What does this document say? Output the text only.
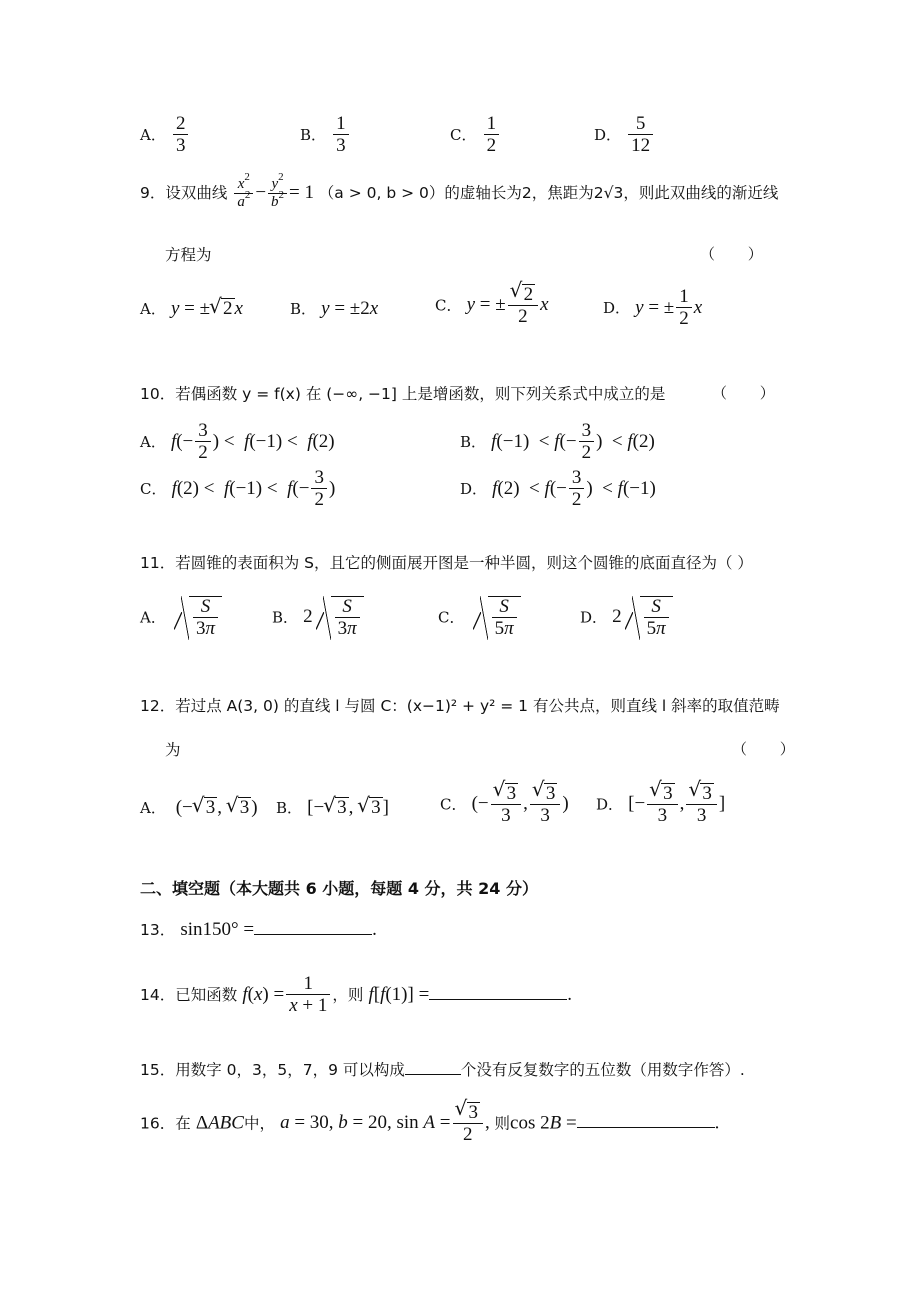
A． $\frac{2}{3}$	B． $\frac{1}{3}$	C． $\frac{1}{2}$	D． $\frac{5}{12}$
9．设双曲线 $\frac{x^2}{a^2} - \frac{y^2}{b^2} = 1$ （a > 0, b > 0）的虚轴长为2，焦距为2√3，则此双曲线的渐近线
方程为	（ ）
A． y = ± √ 2 x	B． y = ±2x	C． y = ± √ $\frac{2}{2}$ x	D． y = ± $\frac{1}{2}$ x
10．若偶函数 y = f(x) 在 (−∞, −1] 上是增函数，则下列关系式中成立的是	（ ）
A． $f(- \frac{3}{2}$ ) <  f(−1) <  f(2)	B． $f(-1) < f(- \frac{3}{2}$ )  < f(2)
C． $f(2) < f(-1) < f(- \frac{3}{2}$ )	D． $f(2) < f(- \frac{3}{2}$ )  < f(−1)
11．若圆锥的表面积为 S，且它的侧面展开图是一种半圆，则这个圆锥的底面直径为（ ）
A． $\frac{S}{3\pi}$	B． $2 \frac{S}{3\pi}$	C． $\frac{S}{5\pi}$	D． $2 \frac{S}{5\pi}$
12．若过点 A(3, 0) 的直线 l 与圆 C：(x−1)² + y² = 1 有公共点，则直线 l 斜率的取值范畴
为	（ ）
A．  (− √ 3 , √ 3 ) B． [− √ 3 , √ 3 ]	C． (− √ $\frac{3}{3}$ , √ $\frac{3}{3}$ ) D． [− √ $\frac{3}{3}$ , √ $\frac{3}{3}$ ]
二、填空题（本大题共 6 小题，每题 4 分，共 24 分）
13． sin150° =	.
14．已知函数 $f(x) = \frac{1}{x + 1}$ ，则 f[f(1)] =	.
15．用数字 0，3，5，7，9 可以构成	个没有反复数字的五位数（用数字作答）.
16．在 ΔABC中， a = 30, b = 20, sin A = √ $\frac{3}{2}$ , 则cos 2B =	.
